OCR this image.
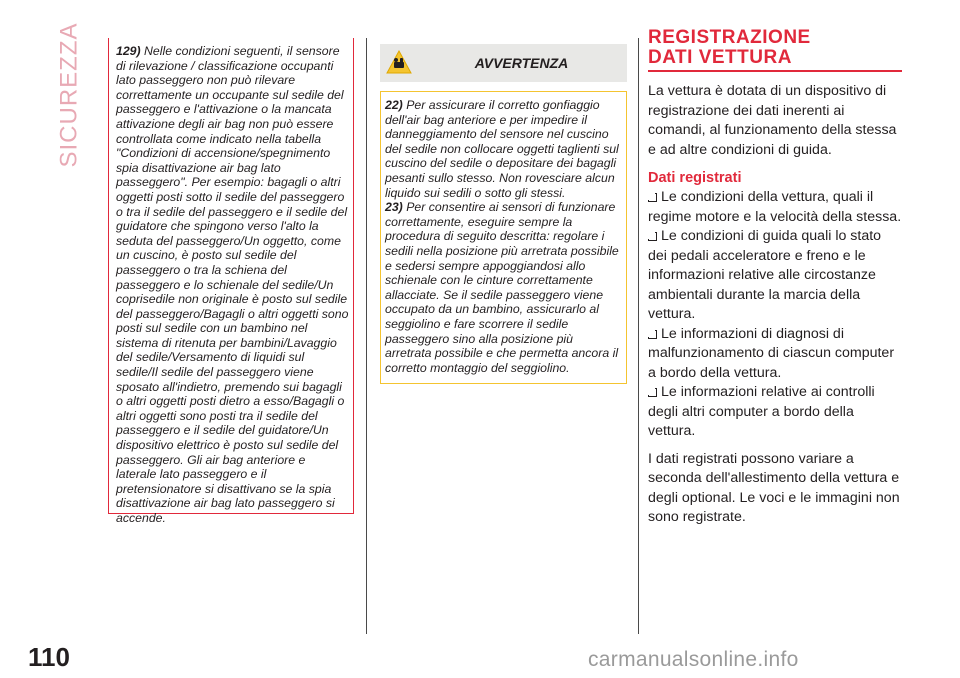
SICUREZZA
110
129) Nelle condizioni seguenti, il sensore di rilevazione / classificazione occupanti lato passeggero non può rilevare correttamente un occupante sul sedile del passeggero e l'attivazione o la mancata attivazione degli air bag non può essere controllata come indicato nella tabella "Condizioni di accensione/spegnimento spia disattivazione air bag lato passeggero". Per esempio: bagagli o altri oggetti posti sotto il sedile del passeggero o tra il sedile del passeggero e il sedile del guidatore che spingono verso l'alto la seduta del passeggero/Un oggetto, come un cuscino, è posto sul sedile del passeggero o tra la schiena del passeggero e lo schienale del sedile/Un coprisedile non originale è posto sul sedile del passeggero/Bagagli o altri oggetti sono posti sul sedile con un bambino nel sistema di ritenuta per bambini/Lavaggio del sedile/Versamento di liquidi sul sedile/Il sedile del passeggero viene sposato all'indietro, premendo sui bagagli o altri oggetti posti dietro a esso/Bagagli o altri oggetti sono posti tra il sedile del passeggero e il sedile del guidatore/Un dispositivo elettrico è posto sul sedile del passeggero. Gli air bag anteriore e laterale lato passeggero e il pretensionatore si disattivano se la spia disattivazione air bag lato passeggero si accende.
AVVERTENZA
22) Per assicurare il corretto gonfiaggio dell'air bag anteriore e per impedire il danneggiamento del sensore nel cuscino del sedile non collocare oggetti taglienti sul cuscino del sedile o depositare dei bagagli pesanti sullo stesso. Non rovesciare alcun liquido sui sedili o sotto gli stessi.
23) Per consentire ai sensori di funzionare correttamente, eseguire sempre la procedura di seguito descritta: regolare i sedili nella posizione più arretrata possibile e sedersi sempre appoggiandosi allo schienale con le cinture correttamente allacciate. Se il sedile passeggero viene occupato da un bambino, assicurarlo al seggiolino e fare scorrere il sedile passeggero sino alla posizione più arretrata possibile e che permetta ancora il corretto montaggio del seggiolino.
REGISTRAZIONE
DATI VETTURA

La vettura è dotata di un dispositivo di registrazione dei dati inerenti ai comandi, al funzionamento della stessa e ad altre condizioni di guida.

Dati registrati
Le condizioni della vettura, quali il regime motore e la velocità della stessa.
Le condizioni di guida quali lo stato dei pedali acceleratore e freno e le informazioni relative alle circostanze ambientali durante la marcia della vettura.
Le informazioni di diagnosi di malfunzionamento di ciascun computer a bordo della vettura.
Le informazioni relative ai controlli degli altri computer a bordo della vettura.

I dati registrati possono variare a seconda dell'allestimento della vettura e degli optional. Le voci e le immagini non sono registrate.

carmanualsonline.info
